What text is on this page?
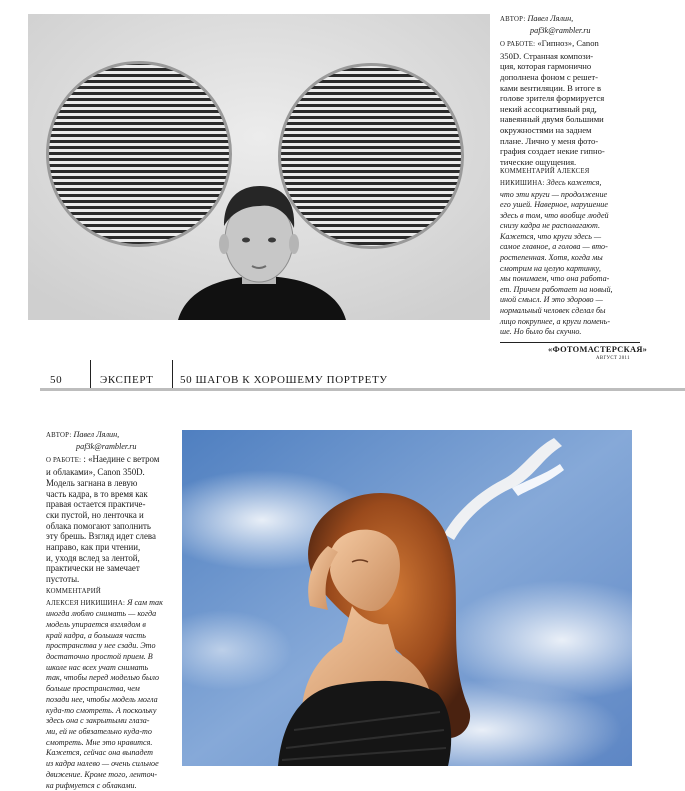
АВТОР: Павел Лялин,
paf3k@rambler.ru
О РАБОТЕ: «Гипноз», Canon
350D. Странная компози-
ция, которая гармонично
дополнена фоном с решет-
ками вентиляции. В итоге в
голове зрителя формируется
некий ассоциативный ряд,
навеянный двумя большими
окружностями на заднем
плане. Лично у меня фото-
графия создает некие гипно-
тические ощущения.
КОММЕНТАРИЙ АЛЕКСЕЯ
НИКИШИНА: Здесь кажется,
что эти круги — продолжение
его ушей. Наверное, нарушение
здесь в том, что вообще людей
снизу кадра не располагают.
Кажется, что круги здесь —
самое главное, а голова — вто-
ростепенная. Хотя, когда мы
смотрим на целую картинку,
мы понимаем, что она работа-
ет. Причем работает на новый,
иной смысл. И это здорово —
нормальный человек сделал бы
лицо покрупнее, а круги помень-
ше. Но было бы скучно.
«ФОТОМАСТЕРСКАЯ»
АВГУСТ 2011
50	ЭКСПЕРТ 50 ШАГОВ К ХОРОШЕМУ ПОРТРЕТУ
АВТОР: Павел Лялин,
paf3k@rambler.ru
О РАБОТЕ: : «Наедине с ветром
и облаками», Canon 350D.
Модель загнана в левую
часть кадра, в то время как
правая остается практиче-
ски пустой, но ленточка и
облака помогают заполнить
эту брешь. Взгляд идет слева
направо, как при чтении,
и, уходя вслед за лентой,
практически не замечает
пустоты.
КОММЕНТАРИЙ
АЛЕКСЕЯ НИКИШИНА: Я сам так
иногда люблю снимать — когда
модель упирается взглядом в
край кадра, а большая часть
пространства у нее сзади. Это
достаточно простой прием. В
школе нас всех учат снимать
так, чтобы перед моделью было
больше пространства, чем
позади нее, чтобы модель могла
куда-то смотреть. А поскольку
здесь она с закрытыми глаза-
ми, ей не обязательно куда-то
смотреть. Мне это нравится.
Кажется, сейчас она выпадет
из кадра налево — очень сильное
движение. Кроме того, ленточ-
ка рифмуется с облаками.
